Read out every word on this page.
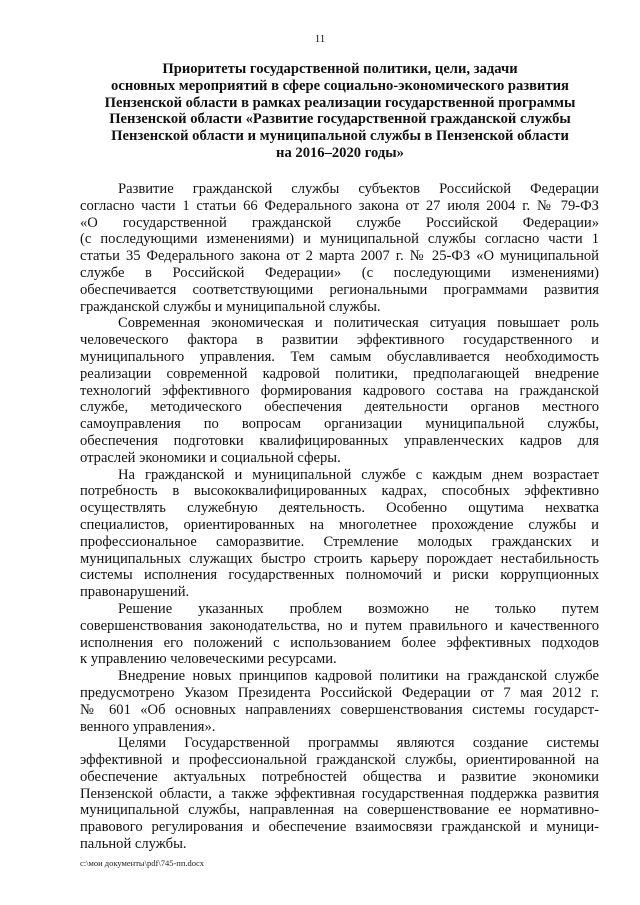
11
Приоритеты государственной политики, цели, задачи
основных мероприятий в сфере социально-экономического развития
Пензенской области в рамках реализации государственной программы
Пензенской области «Развитие государственной гражданской службы
Пензенской области и муниципальной службы в Пензенской области
на 2016–2020 годы»

Развитие гражданской службы субъектов Российской Федерации
согласно части 1 статьи 66 Федерального закона от 27 июля 2004 г. № 79-ФЗ
«О государственной гражданской службе Российской Федерации»
(с последующими изменениями) и муниципальной службы согласно части 1
статьи 35 Федерального закона от 2 марта 2007 г. № 25-ФЗ «О муниципальной
службе в Российской Федерации» (с последующими изменениями)
обеспечивается соответствующими региональными программами развития
гражданской службы и муниципальной службы.

Современная экономическая и политическая ситуация повышает роль
человеческого фактора в развитии эффективного государственного и
муниципального управления. Тем самым обуславливается необходимость
реализации современной кадровой политики, предполагающей внедрение
технологий эффективного формирования кадрового состава на гражданской
службе, методического обеспечения деятельности органов местного
самоуправления по вопросам организации муниципальной службы,
обеспечения подготовки квалифицированных управленческих кадров для
отраслей экономики и социальной сферы.

На гражданской и муниципальной службе с каждым днем возрастает
потребность в высококвалифицированных кадрах, способных эффективно
осуществлять служебную деятельность. Особенно ощутима нехватка
специалистов, ориентированных на многолетнее прохождение службы и
профессиональное саморазвитие. Стремление молодых гражданских и
муниципальных служащих быстро строить карьеру порождает нестабильность
системы исполнения государственных полномочий и риски коррупционных
правонарушений.

Решение указанных проблем возможно не только путем
совершенствования законодательства, но и путем правильного и качественного
исполнения его положений с использованием более эффективных подходов
к управлению человеческими ресурсами.

Внедрение новых принципов кадровой политики на гражданской службе
предусмотрено Указом Президента Российской Федерации от 7 мая 2012 г.
№ 601 «Об основных направлениях совершенствования системы государст-
венного управления».

Целями Государственной программы являются создание системы
эффективной и профессиональной гражданской службы, ориентированной на
обеспечение актуальных потребностей общества и развитие экономики
Пензенской области, а также эффективная государственная поддержка развития
муниципальной службы, направленная на совершенствование ее нормативно-
правового регулирования и обеспечение взаимосвязи гражданской и муници-
пальной службы.

c:\мои документы\pdf\745-пп.docx
